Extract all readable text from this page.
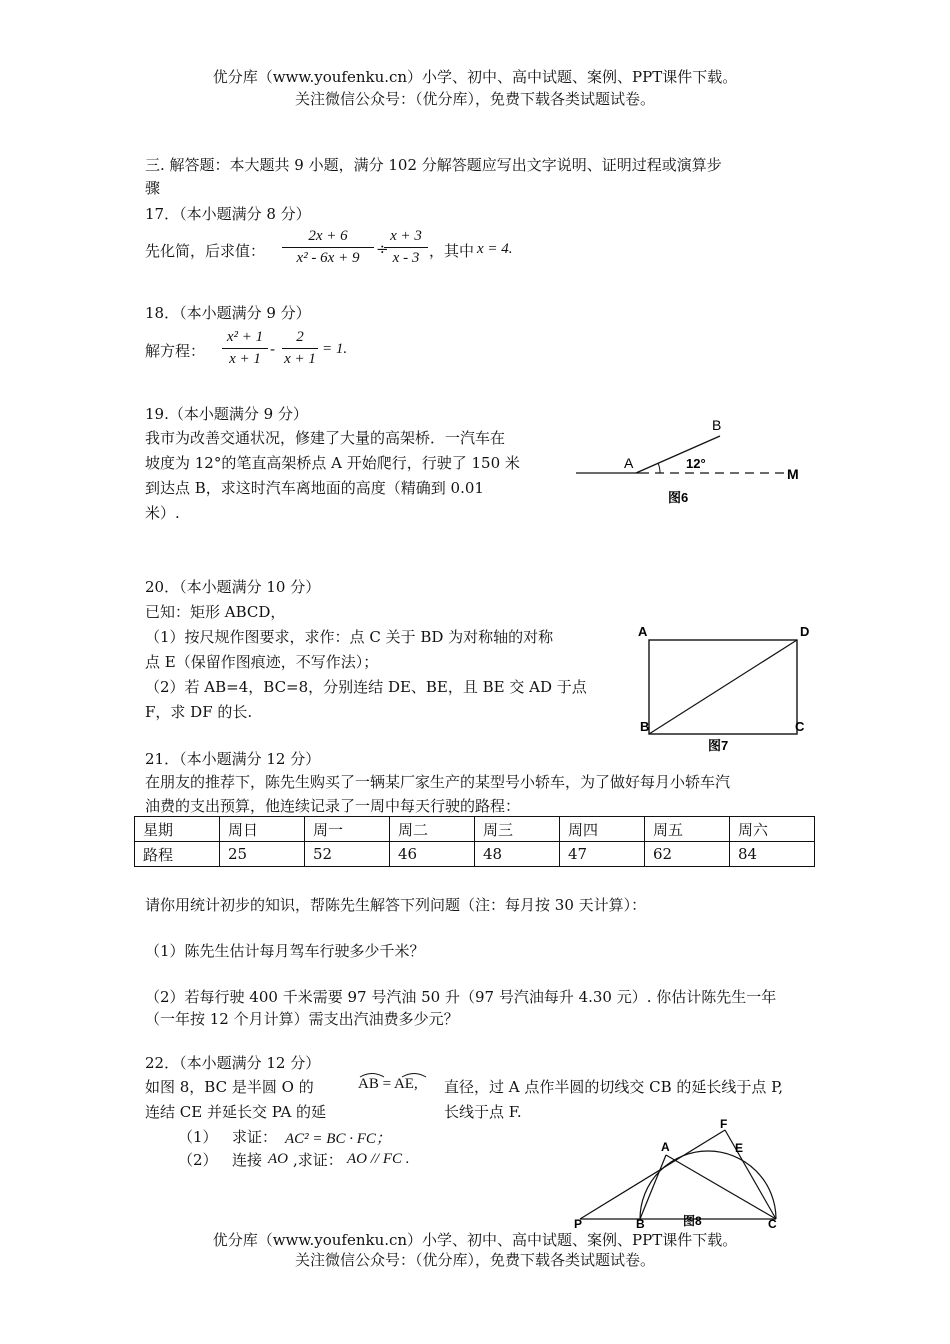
优分库（www.youfenku.cn）小学、初中、高中试题、案例、PPT课件下载。
关注微信公众号：（优分库），免费下载各类试题试卷。
三. 解答题：本大题共 9 小题，满分 102 分解答题应写出文字说明、证明过程或演算步
骤
17．（本小题满分 8 分）
先化简，后求值： $\frac{2x + 6}{\text{x² - 6x + 9}}$ ÷
$\frac{x + 3}{x - 3}$ ，其中 x = 4.
18．（本小题满分 9 分）
解方程： $\frac{\text{x² + 1}}{x + 1} - \frac{2}{x + 1} = 1$.
19.（本小题满分 9 分）
我市为改善交通状况，修建了大量的高架桥．一汽车在
坡度为 12°的笔直高架桥点 A 开始爬行，行驶了 150 米
到达点 B，求这时汽车离地面的高度（精确到 0.01
米）.
A
B
M
12°
图6
20．（本小题满分 10 分）
已知：矩形 ABCD，
（1）按尺规作图要求，求作：点 C 关于 BD 为对称轴的对称
点 E（保留作图痕迹，不写作法）；
（2）若 AB=4，BC=8，分别连结 DE、BE，且 BE 交 AD 于点
F，求 DF 的长.
A	D
B	C
图7
21．（本小题满分 12 分）
在朋友的推荐下，陈先生购买了一辆某厂家生产的某型号小轿车，为了做好每月小轿车汽
油费的支出预算，他连续记录了一周中每天行驶的路程：
星期	周日	周一	周二	周三	周四	周五	周六
路程	25	52	46	48	47	62	84
请你用统计初步的知识，帮陈先生解答下列问题（注：每月按 30 天计算）：
（1）陈先生估计每月驾车行驶多少千米？
（2）若每行驶 400 千米需要 97 号汽油 50 升（97 号汽油每升 4.30 元）. 你估计陈先生一年
（一年按 12 个月计算）需支出汽油费多少元？
22．（本小题满分 12 分）
如图 8，BC 是半圆 O 的	AB = AE, 直径，过 A 点作半圆的切线交 CB 的延长线于点 P,
连结 CE 并延长交 PA 的延	长线于点 F.
（1） 求证： AC² = BC · FC；
（2） 连接 AO ,求证： AO // FC .
P	B	C
A	E
F
图8
优分库（www.youfenku.cn）小学、初中、高中试题、案例、PPT课件下载。
关注微信公众号：（优分库），免费下载各类试题试卷。
